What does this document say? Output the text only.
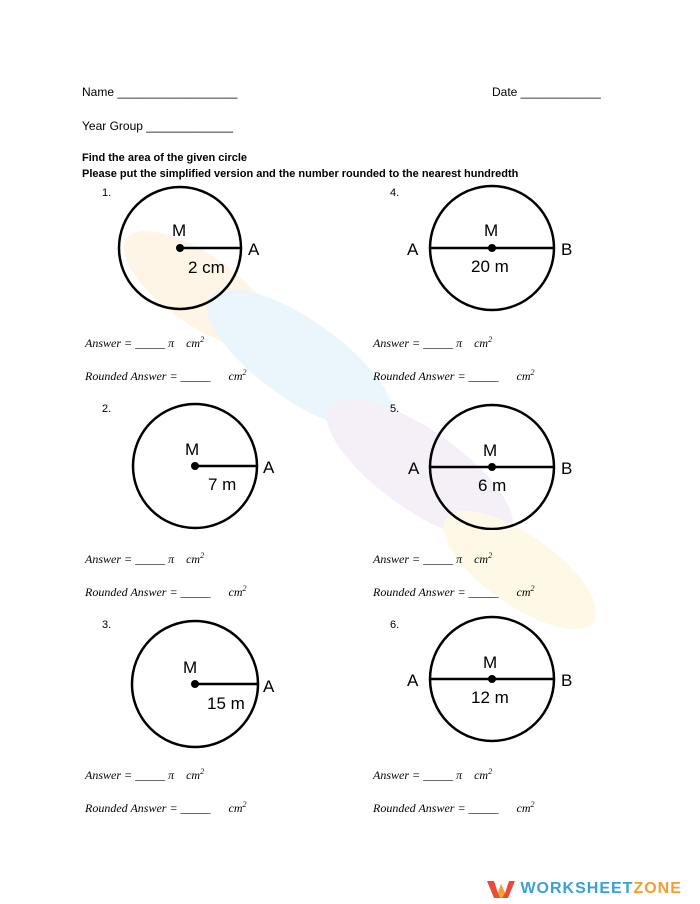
Name __________________	Date ____________
Year Group _____________
Find the area of the given circle
Please put the simplified version and the number rounded to the nearest hundredth
1.
M
A
2 cm
4.
M
A	B
20 m
Answer = _____ π $cm^2$	Answer = _____ π $cm^2$
Rounded Answer = _____ $cm^2$	Rounded Answer = _____ $cm^2$
2.
M
A
7 m
5.
M
A	B
6 m
Answer = _____ π $cm^2$	Answer = _____ π $cm^2$
Rounded Answer = _____ $cm^2$	Rounded Answer = _____ $cm^2$
3.
M
A
15 m
6.
M
A	B
12 m
Answer = _____ π $cm^2$	Answer = _____ π $cm^2$
Rounded Answer = _____ $cm^2$	Rounded Answer = _____ $cm^2$
WORKSHEETZONE
